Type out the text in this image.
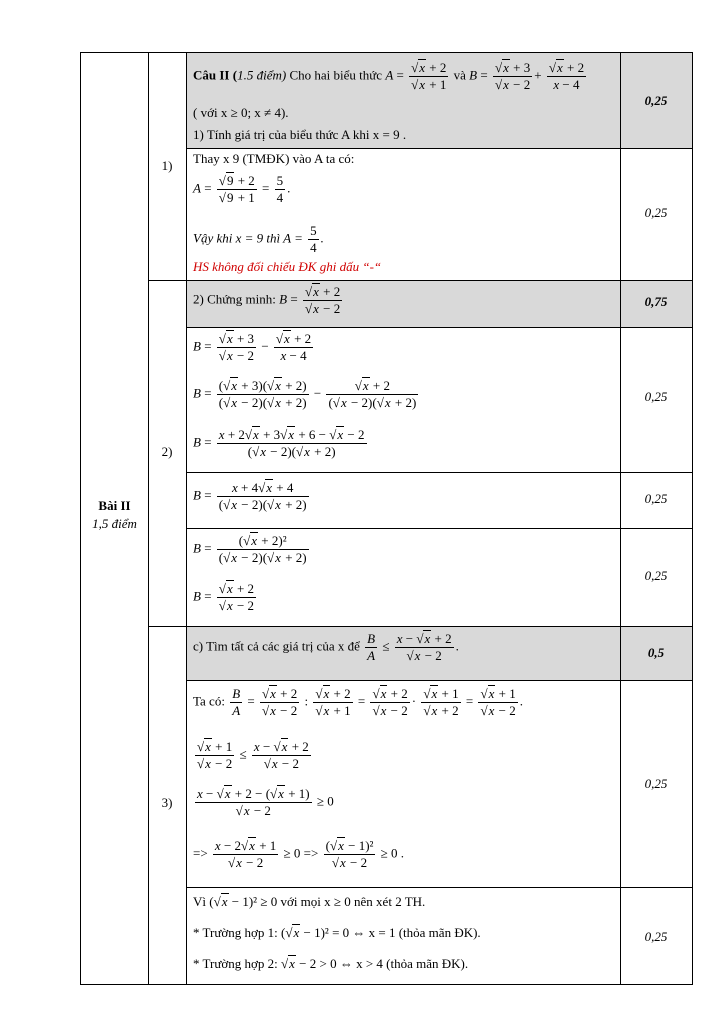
Bài II
1,5 điểm
1)
2)
3)
0,25
0,25
0,75
0,25
0,25
0,25
0,5
0,25
0,25
Câu II (1.5 điểm) Cho hai biểu thức $A = \frac{√x + 2}{√x + 1}$ và $B = \frac{√x + 3}{√x - 2} + \frac{√x + 2}{x - 4}$
( với x ≥ 0; x ≠ 4).
1) Tính giá trị của biểu thức A khi x = 9 .
Thay x 9 (TMĐK) vào A ta có:
$A = \frac{√9 + 2}{√9 + 1} = \frac{5}{4}$ .
Vậy khi x = 9 thì $A = \frac{5}{4}$ .
HS không đối chiếu ĐK ghi dấu “-“
2) Chứng minh: $B = \frac{√x + 2}{√x - 2}$
$B = \frac{√x + 3}{√x - 2} - \frac{√x + 2}{x - 4}$
$B = \frac{(√x + 3)(√x + 2)}{(√x - 2)(√x + 2)} - \frac{√x + 2}{(√x - 2)(√x + 2)}$
$B = \frac{x + 2√x + 3√x + 6 - √x - 2}{(√x - 2)(√x + 2)}$
$B = \frac{x + 4√x + 4}{(√x - 2)(√x + 2)}$
$B = \frac{\text{(√x + 2)²}}{(√x - 2)(√x + 2)}$
$B = \frac{√x + 2}{√x - 2}$
c) Tìm tất cả các giá trị của x để $\frac{B}{A} \le \frac{x - √x + 2}{√x - 2}$ .
Ta có: $\frac{B}{A} = \frac{√x + 2}{√x - 2}$ : $\frac{√x + 2}{√x + 1} = \frac{√x + 2}{√x - 2} \cdot \frac{√x + 1}{√x + 2} = \frac{√x + 1}{√x - 2}$ .
$\frac{√x + 1}{√x - 2} \le \frac{x - √x + 2}{√x - 2}$
$\frac{x - √x + 2 - (√x + 1)}{√x - 2} \ge 0$
=> $\frac{x - 2√x + 1}{√x - 2} \ge 0 => \frac{\text{(√x − 1)²}}{√x - 2} \ge 0$ .
Vì (√x − 1)² ≥ 0 với mọi x ≥ 0 nên xét 2 TH.
* Trường hợp 1: (√x − 1)² = 0 ⇔ x = 1 (thỏa mãn ĐK).
* Trường hợp 2: √x − 2 > 0 ⇔ x > 4 (thỏa mãn ĐK).
